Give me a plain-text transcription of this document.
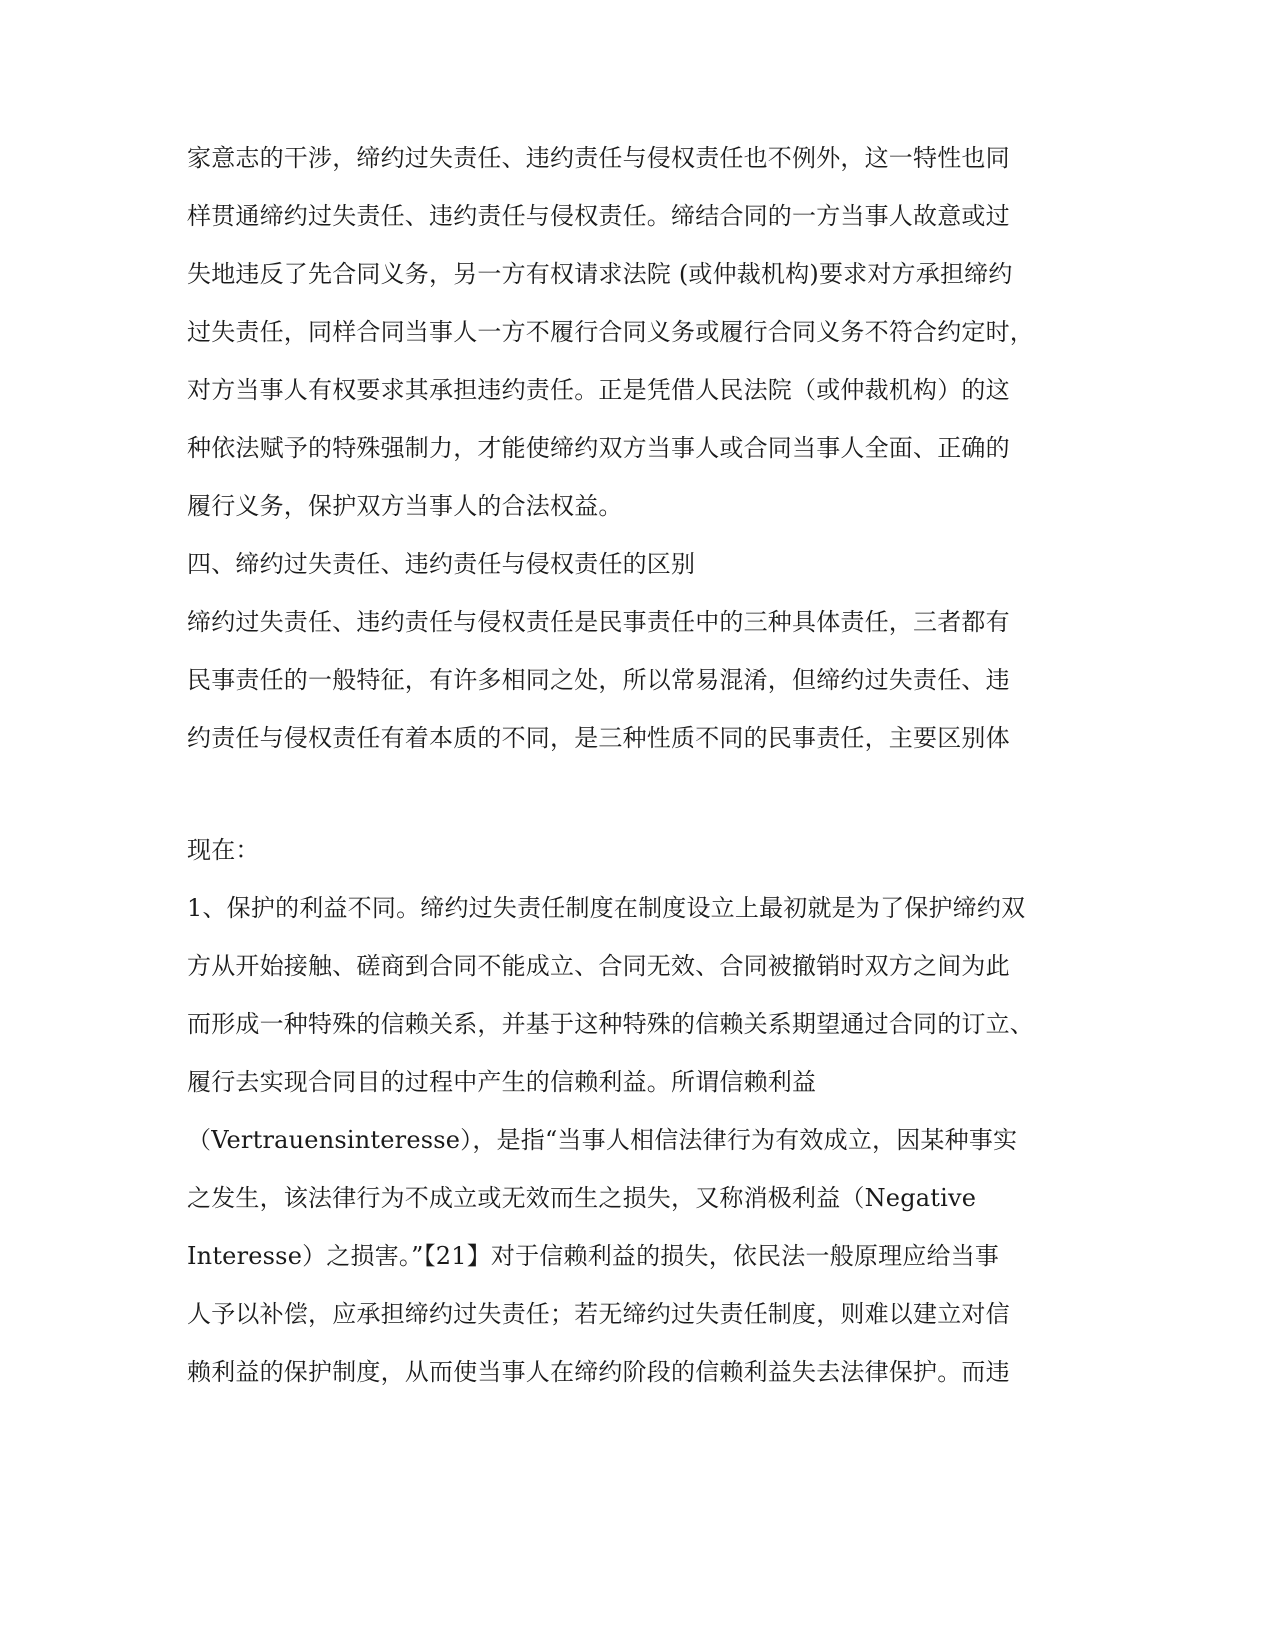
家意志的干涉，缔约过失责任、违约责任与侵权责任也不例外，这一特性也同
样贯通缔约过失责任、违约责任与侵权责任。缔结合同的一方当事人故意或过
失地违反了先合同义务，另一方有权请求法院 (或仲裁机构)要求对方承担缔约
过失责任，同样合同当事人一方不履行合同义务或履行合同义务不符合约定时，
对方当事人有权要求其承担违约责任。正是凭借人民法院（或仲裁机构）的这
种依法赋予的特殊强制力，才能使缔约双方当事人或合同当事人全面、正确的
履行义务，保护双方当事人的合法权益。
四、缔约过失责任、违约责任与侵权责任的区别
缔约过失责任、违约责任与侵权责任是民事责任中的三种具体责任，三者都有
民事责任的一般特征，有许多相同之处，所以常易混淆，但缔约过失责任、违
约责任与侵权责任有着本质的不同，是三种性质不同的民事责任，主要区别体
现在：
1、保护的利益不同。缔约过失责任制度在制度设立上最初就是为了保护缔约双
方从开始接触、磋商到合同不能成立、合同无效、合同被撤销时双方之间为此
而形成一种特殊的信赖关系，并基于这种特殊的信赖关系期望通过合同的订立、
履行去实现合同目的过程中产生的信赖利益。所谓信赖利益
（Vertrauensinteresse），是指“当事人相信法律行为有效成立，因某种事实
之发生，该法律行为不成立或无效而生之损失，又称消极利益（Negative
Interesse）之损害。”【21】对于信赖利益的损失，依民法一般原理应给当事
人予以补偿，应承担缔约过失责任；若无缔约过失责任制度，则难以建立对信
赖利益的保护制度，从而使当事人在缔约阶段的信赖利益失去法律保护。而违
